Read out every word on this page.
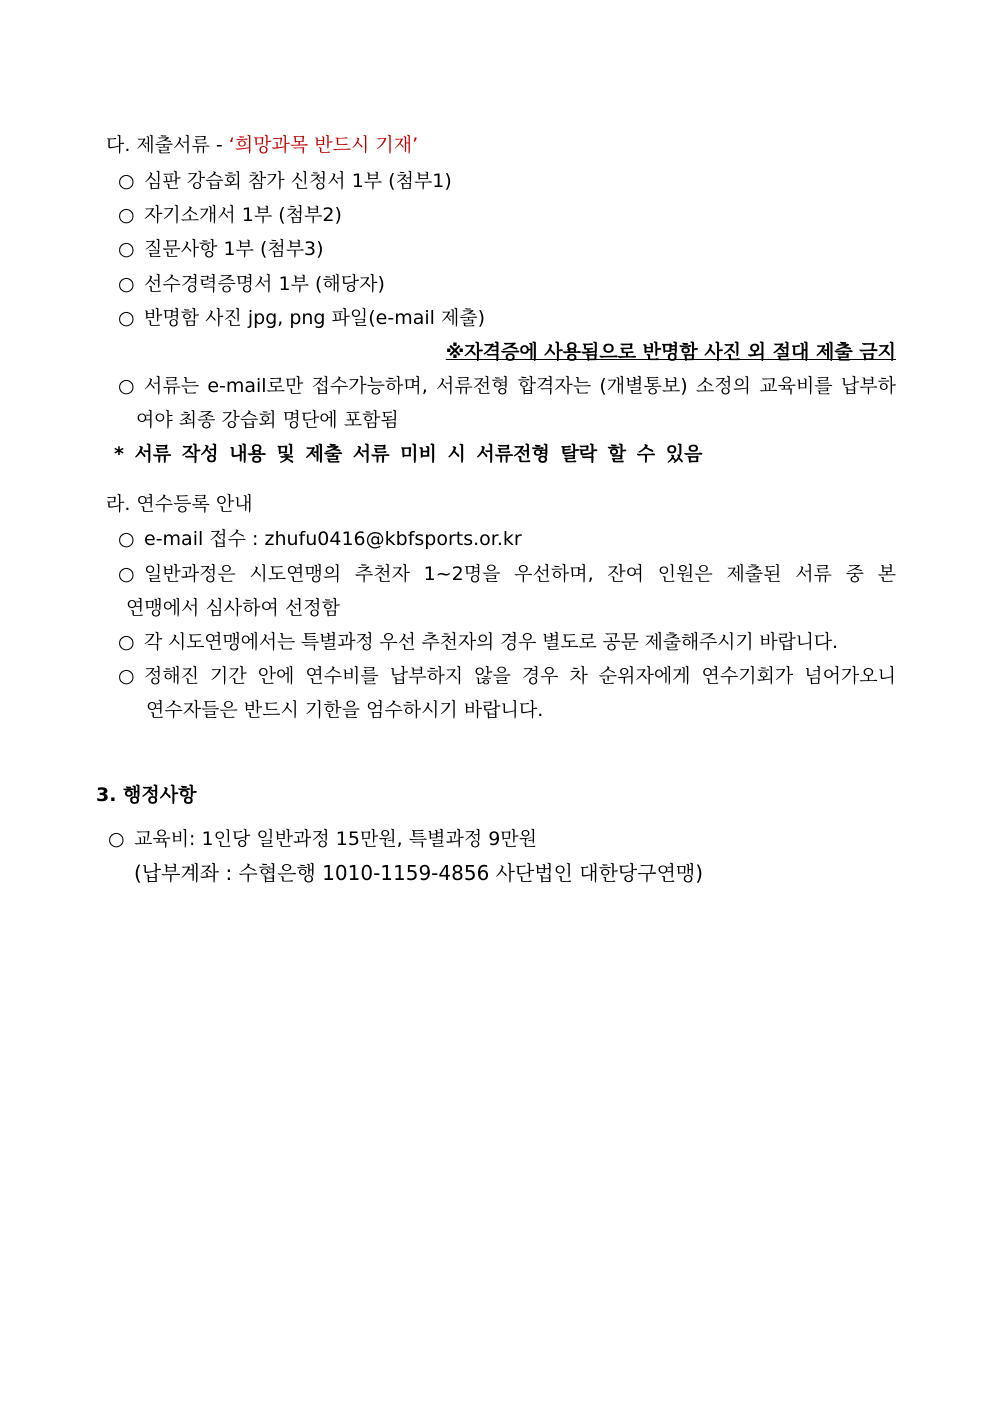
다. 제출서류 - ‘희망과목 반드시 기재’
○ 심판 강습회 참가 신청서 1부 (첨부1)
○ 자기소개서 1부 (첨부2)
○ 질문사항 1부 (첨부3)
○ 선수경력증명서 1부 (해당자)
○ 반명함 사진 jpg, png 파일(e-mail 제출)
※자격증에 사용됨으로 반명함 사진 외 절대 제출 금지
○ 서류는 e-mail로만 접수가능하며, 서류전형 합격자는 (개별통보) 소정의 교육비를 납부하
여야 최종 강습회 명단에 포함됨
* 서류 작성 내용 및 제출 서류 미비 시 서류전형 탈락 할 수 있음
라. 연수등록 안내
○ e-mail 접수 : zhufu0416@kbfsports.or.kr
○ 일반과정은 시도연맹의 추천자 1~2명을 우선하며, 잔여 인원은 제출된 서류 중 본
연맹에서 심사하여 선정함
○ 각 시도연맹에서는 특별과정 우선 추천자의 경우 별도로 공문 제출해주시기 바랍니다.
○ 정해진 기간 안에 연수비를 납부하지 않을 경우 차 순위자에게 연수기회가 넘어가오니
연수자들은 반드시 기한을 엄수하시기 바랍니다.
3. 행정사항
○ 교육비: 1인당 일반과정 15만원, 특별과정 9만원
(납부계좌 : 수협은행 1010-1159-4856 사단법인 대한당구연맹)
